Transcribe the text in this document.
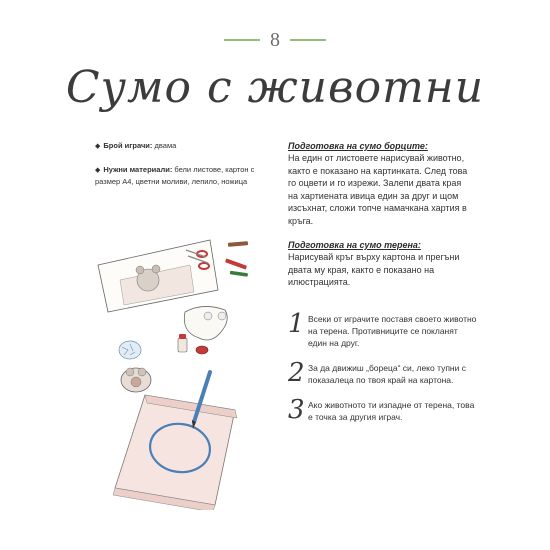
8
Сумо с животни
◆ Брой играчи: двама
◆ Нужни материали: бели листове, картон с размер А4, цветни моливи, лепило, ножица
Подготовка на сумо борците:
На един от листовете нарисувай животно, както е показано на картинката. След това го оцвети и го изрежи. Залепи двата края на хартиената ивица един за друг и щом изсъхнат, сложи топче намачкана хартия в кръга.
Подготовка на сумо терена:
Нарисувай кръг върху картона и прегъни двата му края, както е показано на илюстрацията.
1 Всеки от играчите поставя своето животно на терена. Противниците се покланят един на друг.
2 За да движиш „бореца“ си, леко тупни с показалеца по твоя край на картона.
3 Ако животното ти изпадне от терена, това е точка за другия играч.
